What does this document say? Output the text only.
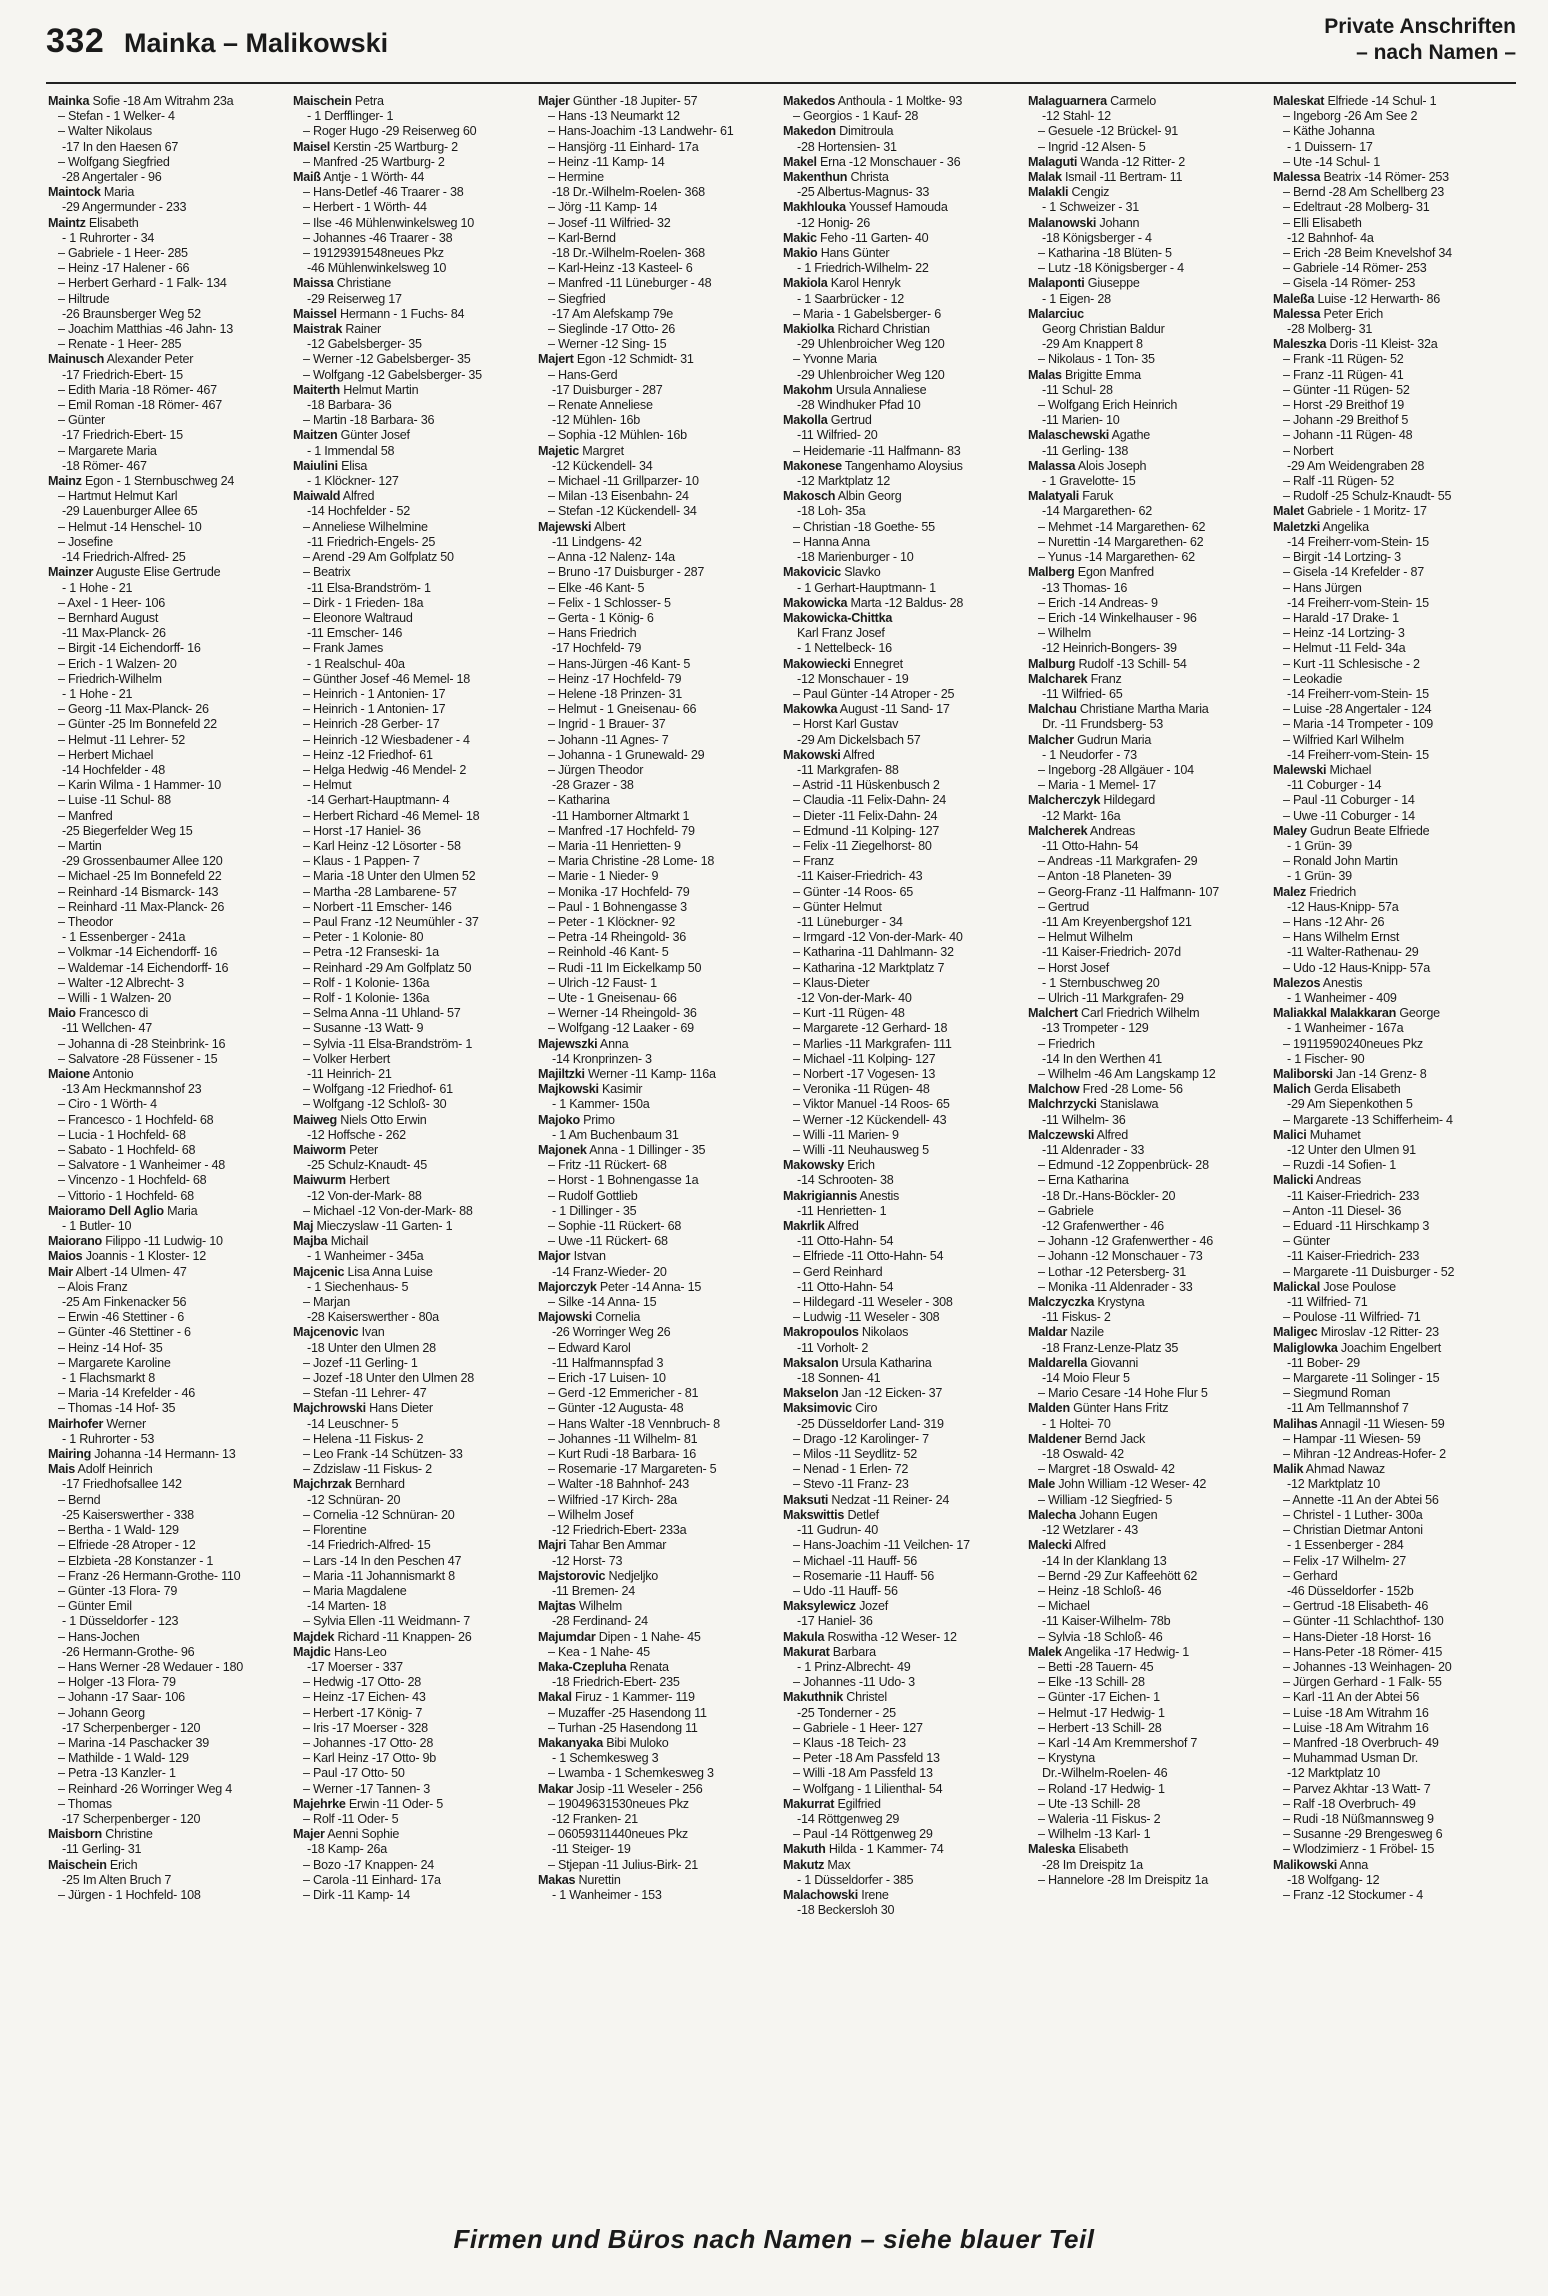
332 Mainka – Malikowski
Private Anschriften
– nach Namen –
Mainka Sofie -18 Am Witrahm 23a
– Stefan - 1 Welker- 4
– Walter Nikolaus
-17 In den Haesen 67
– Wolfgang Siegfried
-28 Angertaler - 96
Maintock Maria
-29 Angermunder - 233
Maintz Elisabeth
- 1 Ruhrorter - 34
– Gabriele - 1 Heer- 285
– Heinz -17 Halener - 66
– Herbert Gerhard - 1 Falk- 134
– Hiltrude
-26 Braunsberger Weg 52
– Joachim Matthias -46 Jahn- 13
– Renate - 1 Heer- 285
Mainusch Alexander Peter
-17 Friedrich-Ebert- 15
– Edith Maria -18 Römer- 467
– Emil Roman -18 Römer- 467
– Günter
-17 Friedrich-Ebert- 15
– Margarete Maria
-18 Römer- 467
Mainz Egon - 1 Sternbuschweg 24
– Hartmut Helmut Karl
-29 Lauenburger Allee 65
– Helmut -14 Henschel- 10
– Josefine
-14 Friedrich-Alfred- 25
Mainzer Auguste Elise Gertrude
- 1 Hohe - 21
– Axel - 1 Heer- 106
– Bernhard August
-11 Max-Planck- 26
– Birgit -14 Eichendorff- 16
– Erich - 1 Walzen- 20
– Friedrich-Wilhelm
- 1 Hohe - 21
– Georg -11 Max-Planck- 26
– Günter -25 Im Bonnefeld 22
– Helmut -11 Lehrer- 52
– Herbert Michael
-14 Hochfelder - 48
– Karin Wilma - 1 Hammer- 10
– Luise -11 Schul- 88
– Manfred
-25 Biegerfelder Weg 15
– Martin
-29 Grossenbaumer Allee 120
– Michael -25 Im Bonnefeld 22
– Reinhard -14 Bismarck- 143
– Reinhard -11 Max-Planck- 26
– Theodor
- 1 Essenberger - 241a
– Volkmar -14 Eichendorff- 16
– Waldemar -14 Eichendorff- 16
– Walter -12 Albrecht- 3
– Willi - 1 Walzen- 20
Maio Francesco di
-11 Wellchen- 47
– Johanna di -28 Steinbrink- 16
– Salvatore -28 Füssener - 15
Maione Antonio
-13 Am Heckmannshof 23
– Ciro - 1 Wörth- 4
– Francesco - 1 Hochfeld- 68
– Lucia - 1 Hochfeld- 68
– Sabato - 1 Hochfeld- 68
– Salvatore - 1 Wanheimer - 48
– Vincenzo - 1 Hochfeld- 68
– Vittorio - 1 Hochfeld- 68
Maioramo Dell Aglio Maria
- 1 Butler- 10
Maiorano Filippo -11 Ludwig- 10
Maios Joannis - 1 Kloster- 12
Mair Albert -14 Ulmen- 47
– Alois Franz
-25 Am Finkenacker 56
– Erwin -46 Stettiner - 6
– Günter -46 Stettiner - 6
– Heinz -14 Hof- 35
– Margarete Karoline
- 1 Flachsmarkt 8
– Maria -14 Krefelder - 46
– Thomas -14 Hof- 35
Mairhofer Werner
- 1 Ruhrorter - 53
Mairing Johanna -14 Hermann- 13
Mais Adolf Heinrich
-17 Friedhofsallee 142
– Bernd
-25 Kaiserswerther - 338
– Bertha - 1 Wald- 129
– Elfriede -28 Atroper - 12
– Elzbieta -28 Konstanzer - 1
– Franz -26 Hermann-Grothe- 110
– Günter -13 Flora- 79
– Günter Emil
- 1 Düsseldorfer - 123
– Hans-Jochen
-26 Hermann-Grothe- 96
– Hans Werner -28 Wedauer - 180
– Holger -13 Flora- 79
– Johann -17 Saar- 106
– Johann Georg
-17 Scherpenberger - 120
– Marina -14 Paschacker 39
– Mathilde - 1 Wald- 129
– Petra -13 Kanzler- 1
– Reinhard -26 Worringer Weg 4
– Thomas
-17 Scherpenberger - 120
Maisborn Christine
-11 Gerling- 31
Maischein Erich
-25 Im Alten Bruch 7
– Jürgen - 1 Hochfeld- 108
Maischein Petra
- 1 Derfflinger- 1
– Roger Hugo -29 Reiserweg 60
Maisel Kerstin -25 Wartburg- 2
– Manfred -25 Wartburg- 2
Maiß Antje - 1 Wörth- 44
– Hans-Detlef -46 Traarer - 38
– Herbert - 1 Wörth- 44
– Ilse -46 Mühlenwinkelsweg 10
– Johannes -46 Traarer - 38
– 19129391548neues Pkz
-46 Mühlenwinkelsweg 10
Maissa Christiane
-29 Reiserweg 17
Maissel Hermann - 1 Fuchs- 84
Maistrak Rainer
-12 Gabelsberger- 35
– Werner -12 Gabelsberger- 35
– Wolfgang -12 Gabelsberger- 35
Maiterth Helmut Martin
-18 Barbara- 36
– Martin -18 Barbara- 36
Maitzen Günter Josef
- 1 Immendal 58
Maiulini Elisa
- 1 Klöckner- 127
Maiwald Alfred
-14 Hochfelder - 52
– Anneliese Wilhelmine
-11 Friedrich-Engels- 25
– Arend -29 Am Golfplatz 50
– Beatrix
-11 Elsa-Brandström- 1
– Dirk - 1 Frieden- 18a
– Eleonore Waltraud
-11 Emscher- 146
– Frank James
- 1 Realschul- 40a
– Günther Josef -46 Memel- 18
– Heinrich - 1 Antonien- 17
– Heinrich - 1 Antonien- 17
– Heinrich -28 Gerber- 17
– Heinrich -12 Wiesbadener - 4
– Heinz -12 Friedhof- 61
– Helga Hedwig -46 Mendel- 2
– Helmut
-14 Gerhart-Hauptmann- 4
– Herbert Richard -46 Memel- 18
– Horst -17 Haniel- 36
– Karl Heinz -12 Lösorter - 58
– Klaus - 1 Pappen- 7
– Maria -18 Unter den Ulmen 52
– Martha -28 Lambarene- 57
– Norbert -11 Emscher- 146
– Paul Franz -12 Neumühler - 37
– Peter - 1 Kolonie- 80
– Petra -12 Franseski- 1a
– Reinhard -29 Am Golfplatz 50
– Rolf - 1 Kolonie- 136a
– Rolf - 1 Kolonie- 136a
– Selma Anna -11 Uhland- 57
– Susanne -13 Watt- 9
– Sylvia -11 Elsa-Brandström- 1
– Volker Herbert
-11 Heinrich- 21
– Wolfgang -12 Friedhof- 61
– Wolfgang -12 Schloß- 30
Maiweg Niels Otto Erwin
-12 Hoffsche - 262
Maiworm Peter
-25 Schulz-Knaudt- 45
Maiwurm Herbert
-12 Von-der-Mark- 88
– Michael -12 Von-der-Mark- 88
Maj Mieczyslaw -11 Garten- 1
Majba Michail
- 1 Wanheimer - 345a
Majcenic Lisa Anna Luise
- 1 Siechenhaus- 5
– Marjan
-28 Kaiserswerther - 80a
Majcenovic Ivan
-18 Unter den Ulmen 28
– Jozef -11 Gerling- 1
– Jozef -18 Unter den Ulmen 28
– Stefan -11 Lehrer- 47
Majchrowski Hans Dieter
-14 Leuschner- 5
– Helena -11 Fiskus- 2
– Leo Frank -14 Schützen- 33
– Zdzislaw -11 Fiskus- 2
Majchrzak Bernhard
-12 Schnüran- 20
– Cornelia -12 Schnüran- 20
– Florentine
-14 Friedrich-Alfred- 15
– Lars -14 In den Peschen 47
– Maria -11 Johannismarkt 8
– Maria Magdalene
-14 Marten- 18
– Sylvia Ellen -11 Weidmann- 7
Majdek Richard -11 Knappen- 26
Majdic Hans-Leo
-17 Moerser - 337
– Hedwig -17 Otto- 28
– Heinz -17 Eichen- 43
– Herbert -17 König- 7
– Iris -17 Moerser - 328
– Johannes -17 Otto- 28
– Karl Heinz -17 Otto- 9b
– Paul -17 Otto- 50
– Werner -17 Tannen- 3
Majehrke Erwin -11 Oder- 5
– Rolf -11 Oder- 5
Majer Aenni Sophie
-18 Kamp- 26a
– Bozo -17 Knappen- 24
– Carola -11 Einhard- 17a
– Dirk -11 Kamp- 14
Majer Günther -18 Jupiter- 57
– Hans -13 Neumarkt 12
– Hans-Joachim -13 Landwehr- 61
– Hansjörg -11 Einhard- 17a
– Heinz -11 Kamp- 14
– Hermine
-18 Dr.-Wilhelm-Roelen- 368
– Jörg -11 Kamp- 14
– Josef -11 Wilfried- 32
– Karl-Bernd
-18 Dr.-Wilhelm-Roelen- 368
– Karl-Heinz -13 Kasteel- 6
– Manfred -11 Lüneburger - 48
– Siegfried
-17 Am Alefskamp 79e
– Sieglinde -17 Otto- 26
– Werner -12 Sing- 15
Majert Egon -12 Schmidt- 31
– Hans-Gerd
-17 Duisburger - 287
– Renate Anneliese
-12 Mühlen- 16b
– Sophia -12 Mühlen- 16b
Majetic Margret
-12 Kückendell- 34
– Michael -11 Grillparzer- 10
– Milan -13 Eisenbahn- 24
– Stefan -12 Kückendell- 34
Majewski Albert
-11 Lindgens- 42
– Anna -12 Nalenz- 14a
– Bruno -17 Duisburger - 287
– Elke -46 Kant- 5
– Felix - 1 Schlosser- 5
– Gerta - 1 König- 6
– Hans Friedrich
-17 Hochfeld- 79
– Hans-Jürgen -46 Kant- 5
– Heinz -17 Hochfeld- 79
– Helene -18 Prinzen- 31
– Helmut - 1 Gneisenau- 66
– Ingrid - 1 Brauer- 37
– Johann -11 Agnes- 7
– Johanna - 1 Grunewald- 29
– Jürgen Theodor
-28 Grazer - 38
– Katharina
-11 Hamborner Altmarkt 1
– Manfred -17 Hochfeld- 79
– Maria -11 Henrietten- 9
– Maria Christine -28 Lome- 18
– Marie - 1 Nieder- 9
– Monika -17 Hochfeld- 79
– Paul - 1 Bohnengasse 3
– Peter - 1 Klöckner- 92
– Petra -14 Rheingold- 36
– Reinhold -46 Kant- 5
– Rudi -11 Im Eickelkamp 50
– Ulrich -12 Faust- 1
– Ute - 1 Gneisenau- 66
– Werner -14 Rheingold- 36
– Wolfgang -12 Laaker - 69
Majewszki Anna
-14 Kronprinzen- 3
Majiltzki Werner -11 Kamp- 116a
Majkowski Kasimir
- 1 Kammer- 150a
Majoko Primo
- 1 Am Buchenbaum 31
Majonek Anna - 1 Dillinger - 35
– Fritz -11 Rückert- 68
– Horst - 1 Bohnengasse 1a
– Rudolf Gottlieb
- 1 Dillinger - 35
– Sophie -11 Rückert- 68
– Uwe -11 Rückert- 68
Major Istvan
-14 Franz-Wieder- 20
Majorczyk Peter -14 Anna- 15
– Silke -14 Anna- 15
Majowski Cornelia
-26 Worringer Weg 26
– Edward Karol
-11 Halfmannspfad 3
– Erich -17 Luisen- 10
– Gerd -12 Emmericher - 81
– Günter -12 Augusta- 48
– Hans Walter -18 Vennbruch- 8
– Johannes -11 Wilhelm- 81
– Kurt Rudi -18 Barbara- 16
– Rosemarie -17 Margareten- 5
– Walter -18 Bahnhof- 243
– Wilfried -17 Kirch- 28a
– Wilhelm Josef
-12 Friedrich-Ebert- 233a
Majri Tahar Ben Ammar
-12 Horst- 73
Majstorovic Nedjeljko
-11 Bremen- 24
Majtas Wilhelm
-28 Ferdinand- 24
Majumdar Dipen - 1 Nahe- 45
– Kea - 1 Nahe- 45
Maka-Czepluha Renata
-18 Friedrich-Ebert- 235
Makal Firuz - 1 Kammer- 119
– Muzaffer -25 Hasendong 11
– Turhan -25 Hasendong 11
Makanyaka Bibi Muloko
- 1 Schemkesweg 3
– Lwamba - 1 Schemkesweg 3
Makar Josip -11 Weseler - 256
– 19049631530neues Pkz
-12 Franken- 21
– 06059311440neues Pkz
-11 Steiger- 19
– Stjepan -11 Julius-Birk- 21
Makas Nurettin
- 1 Wanheimer - 153
Makedos Anthoula - 1 Moltke- 93
– Georgios - 1 Kauf- 28
Makedon Dimitroula
-28 Hortensien- 31
Makel Erna -12 Monschauer - 36
Makenthun Christa
-25 Albertus-Magnus- 33
Makhlouka Youssef Hamouda
-12 Honig- 26
Makic Feho -11 Garten- 40
Makio Hans Günter
- 1 Friedrich-Wilhelm- 22
Makiola Karol Henryk
- 1 Saarbrücker - 12
– Maria - 1 Gabelsberger- 6
Makiolka Richard Christian
-29 Uhlenbroicher Weg 120
– Yvonne Maria
-29 Uhlenbroicher Weg 120
Makohm Ursula Annaliese
-28 Windhuker Pfad 10
Makolla Gertrud
-11 Wilfried- 20
– Heidemarie -11 Halfmann- 83
Makonese Tangenhamo Aloysius
-12 Marktplatz 12
Makosch Albin Georg
-18 Loh- 35a
– Christian -18 Goethe- 55
– Hanna Anna
-18 Marienburger - 10
Makovicic Slavko
- 1 Gerhart-Hauptmann- 1
Makowicka Marta -12 Baldus- 28
Makowicka-Chittka
Karl Franz Josef
- 1 Nettelbeck- 16
Makowiecki Ennegret
-12 Monschauer - 19
– Paul Günter -14 Atroper - 25
Makowka August -11 Sand- 17
– Horst Karl Gustav
-29 Am Dickelsbach 57
Makowski Alfred
-11 Markgrafen- 88
– Astrid -11 Hüskenbusch 2
– Claudia -11 Felix-Dahn- 24
– Dieter -11 Felix-Dahn- 24
– Edmund -11 Kolping- 127
– Felix -11 Ziegelhorst- 80
– Franz
-11 Kaiser-Friedrich- 43
– Günter -14 Roos- 65
– Günter Helmut
-11 Lüneburger - 34
– Irmgard -12 Von-der-Mark- 40
– Katharina -11 Dahlmann- 32
– Katharina -12 Marktplatz 7
– Klaus-Dieter
-12 Von-der-Mark- 40
– Kurt -11 Rügen- 48
– Margarete -12 Gerhard- 18
– Marlies -11 Markgrafen- 111
– Michael -11 Kolping- 127
– Norbert -17 Vogesen- 13
– Veronika -11 Rügen- 48
– Viktor Manuel -14 Roos- 65
– Werner -12 Kückendell- 43
– Willi -11 Marien- 9
– Willi -11 Neuhausweg 5
Makowsky Erich
-14 Schrooten- 38
Makrigiannis Anestis
-11 Henrietten- 1
Makrlik Alfred
-11 Otto-Hahn- 54
– Elfriede -11 Otto-Hahn- 54
– Gerd Reinhard
-11 Otto-Hahn- 54
– Hildegard -11 Weseler - 308
– Ludwig -11 Weseler - 308
Makropoulos Nikolaos
-11 Vorholt- 2
Maksalon Ursula Katharina
-18 Sonnen- 41
Makselon Jan -12 Eicken- 37
Maksimovic Ciro
-25 Düsseldorfer Land- 319
– Drago -12 Karolinger- 7
– Milos -11 Seydlitz- 52
– Nenad - 1 Erlen- 72
– Stevo -11 Franz- 23
Maksuti Nedzat -11 Reiner- 24
Makswittis Detlef
-11 Gudrun- 40
– Hans-Joachim -11 Veilchen- 17
– Michael -11 Hauff- 56
– Rosemarie -11 Hauff- 56
– Udo -11 Hauff- 56
Maksylewicz Jozef
-17 Haniel- 36
Makula Roswitha -12 Weser- 12
Makurat Barbara
- 1 Prinz-Albrecht- 49
– Johannes -11 Udo- 3
Makuthnik Christel
-25 Tonderner - 25
– Gabriele - 1 Heer- 127
– Klaus -18 Teich- 23
– Peter -18 Am Passfeld 13
– Willi -18 Am Passfeld 13
– Wolfgang - 1 Lilienthal- 54
Makurrat Egilfried
-14 Röttgenweg 29
– Paul -14 Röttgenweg 29
Makuth Hilda - 1 Kammer- 74
Makutz Max
- 1 Düsseldorfer - 385
Malachowski Irene
-18 Beckersloh 30
Malaguarnera Carmelo
-12 Stahl- 12
– Gesuele -12 Brückel- 91
– Ingrid -12 Alsen- 5
Malaguti Wanda -12 Ritter- 2
Malak Ismail -11 Bertram- 11
Malakli Cengiz
- 1 Schweizer - 31
Malanowski Johann
-18 Königsberger - 4
– Katharina -18 Blüten- 5
– Lutz -18 Königsberger - 4
Malaponti Giuseppe
- 1 Eigen- 28
Malarciuc
Georg Christian Baldur
-29 Am Knappert 8
– Nikolaus - 1 Ton- 35
Malas Brigitte Emma
-11 Schul- 28
– Wolfgang Erich Heinrich
-11 Marien- 10
Malaschewski Agathe
-11 Gerling- 138
Malassa Alois Joseph
- 1 Gravelotte- 15
Malatyali Faruk
-14 Margarethen- 62
– Mehmet -14 Margarethen- 62
– Nurettin -14 Margarethen- 62
– Yunus -14 Margarethen- 62
Malberg Egon Manfred
-13 Thomas- 16
– Erich -14 Andreas- 9
– Erich -14 Winkelhauser - 96
– Wilhelm
-12 Heinrich-Bongers- 39
Malburg Rudolf -13 Schill- 54
Malcharek Franz
-11 Wilfried- 65
Malchau Christiane Martha Maria
Dr. -11 Frundsberg- 53
Malcher Gudrun Maria
- 1 Neudorfer - 73
– Ingeborg -28 Allgäuer - 104
– Maria - 1 Memel- 17
Malcherczyk Hildegard
-12 Markt- 16a
Malcherek Andreas
-11 Otto-Hahn- 54
– Andreas -11 Markgrafen- 29
– Anton -18 Planeten- 39
– Georg-Franz -11 Halfmann- 107
– Gertrud
-11 Am Kreyenbergshof 121
– Helmut Wilhelm
-11 Kaiser-Friedrich- 207d
– Horst Josef
- 1 Sternbuschweg 20
– Ulrich -11 Markgrafen- 29
Malchert Carl Friedrich Wilhelm
-13 Trompeter - 129
– Friedrich
-14 In den Werthen 41
– Wilhelm -46 Am Langskamp 12
Malchow Fred -28 Lome- 56
Malchrzycki Stanislawa
-11 Wilhelm- 36
Malczewski Alfred
-11 Aldenrader - 33
– Edmund -12 Zoppenbrück- 28
– Erna Katharina
-18 Dr.-Hans-Böckler- 20
– Gabriele
-12 Grafenwerther - 46
– Johann -12 Grafenwerther - 46
– Johann -12 Monschauer - 73
– Lothar -12 Petersberg- 31
– Monika -11 Aldenrader - 33
Malczyczka Krystyna
-11 Fiskus- 2
Maldar Nazile
-18 Franz-Lenze-Platz 35
Maldarella Giovanni
-14 Moio Fleur 5
– Mario Cesare -14 Hohe Flur 5
Malden Günter Hans Fritz
- 1 Holtei- 70
Maldener Bernd Jack
-18 Oswald- 42
– Margret -18 Oswald- 42
Male John William -12 Weser- 42
– William -12 Siegfried- 5
Malecha Johann Eugen
-12 Wetzlarer - 43
Malecki Alfred
-14 In der Klanklang 13
– Bernd -29 Zur Kaffeehött 62
– Heinz -18 Schloß- 46
– Michael
-11 Kaiser-Wilhelm- 78b
– Sylvia -18 Schloß- 46
Malek Angelika -17 Hedwig- 1
– Betti -28 Tauern- 45
– Elke -13 Schill- 28
– Günter -17 Eichen- 1
– Helmut -17 Hedwig- 1
– Herbert -13 Schill- 28
– Karl -14 Am Kremmershof 7
– Krystyna
Dr.-Wilhelm-Roelen- 46
– Roland -17 Hedwig- 1
– Ute -13 Schill- 28
– Waleria -11 Fiskus- 2
– Wilhelm -13 Karl- 1
Maleska Elisabeth
-28 Im Dreispitz 1a
– Hannelore -28 Im Dreispitz 1a
Maleskat Elfriede -14 Schul- 1
– Ingeborg -26 Am See 2
– Käthe Johanna
- 1 Duissern- 17
– Ute -14 Schul- 1
Malessa Beatrix -14 Römer- 253
– Bernd -28 Am Schellberg 23
– Edeltraut -28 Molberg- 31
– Elli Elisabeth
-12 Bahnhof- 4a
– Erich -28 Beim Knevelshof 34
– Gabriele -14 Römer- 253
– Gisela -14 Römer- 253
Maleßa Luise -12 Herwarth- 86
Malessa Peter Erich
-28 Molberg- 31
Maleszka Doris -11 Kleist- 32a
– Frank -11 Rügen- 52
– Franz -11 Rügen- 41
– Günter -11 Rügen- 52
– Horst -29 Breithof 19
– Johann -29 Breithof 5
– Johann -11 Rügen- 48
– Norbert
-29 Am Weidengraben 28
– Ralf -11 Rügen- 52
– Rudolf -25 Schulz-Knaudt- 55
Malet Gabriele - 1 Moritz- 17
Maletzki Angelika
-14 Freiherr-vom-Stein- 15
– Birgit -14 Lortzing- 3
– Gisela -14 Krefelder - 87
– Hans Jürgen
-14 Freiherr-vom-Stein- 15
– Harald -17 Drake- 1
– Heinz -14 Lortzing- 3
– Helmut -11 Feld- 34a
– Kurt -11 Schlesische - 2
– Leokadie
-14 Freiherr-vom-Stein- 15
– Luise -28 Angertaler - 124
– Maria -14 Trompeter - 109
– Wilfried Karl Wilhelm
-14 Freiherr-vom-Stein- 15
Malewski Michael
-11 Coburger - 14
– Paul -11 Coburger - 14
– Uwe -11 Coburger - 14
Maley Gudrun Beate Elfriede
- 1 Grün- 39
– Ronald John Martin
- 1 Grün- 39
Malez Friedrich
-12 Haus-Knipp- 57a
– Hans -12 Ahr- 26
– Hans Wilhelm Ernst
-11 Walter-Rathenau- 29
– Udo -12 Haus-Knipp- 57a
Malezos Anestis
- 1 Wanheimer - 409
Maliakkal Malakkaran George
- 1 Wanheimer - 167a
– 19119590240neues Pkz
- 1 Fischer- 90
Maliborski Jan -14 Grenz- 8
Malich Gerda Elisabeth
-29 Am Siepenkothen 5
– Margarete -13 Schifferheim- 4
Malici Muhamet
-12 Unter den Ulmen 91
– Ruzdi -14 Sofien- 1
Malicki Andreas
-11 Kaiser-Friedrich- 233
– Anton -11 Diesel- 36
– Eduard -11 Hirschkamp 3
– Günter
-11 Kaiser-Friedrich- 233
– Margarete -11 Duisburger - 52
Malickal Jose Poulose
-11 Wilfried- 71
– Poulose -11 Wilfried- 71
Maligec Miroslav -12 Ritter- 23
Maliglowka Joachim Engelbert
-11 Bober- 29
– Margarete -11 Solinger - 15
– Siegmund Roman
-11 Am Tellmannshof 7
Malihas Annagil -11 Wiesen- 59
– Hampar -11 Wiesen- 59
– Mihran -12 Andreas-Hofer- 2
Malik Ahmad Nawaz
-12 Marktplatz 10
– Annette -11 An der Abtei 56
– Christel - 1 Luther- 300a
– Christian Dietmar Antoni
- 1 Essenberger - 284
– Felix -17 Wilhelm- 27
– Gerhard
-46 Düsseldorfer - 152b
– Gertrud -18 Elisabeth- 46
– Günter -11 Schlachthof- 130
– Hans-Dieter -18 Horst- 16
– Hans-Peter -18 Römer- 415
– Johannes -13 Weinhagen- 20
– Jürgen Gerhard - 1 Falk- 55
– Karl -11 An der Abtei 56
– Luise -18 Am Witrahm 16
– Luise -18 Am Witrahm 16
– Manfred -18 Overbruch- 49
– Muhammad Usman Dr.
-12 Marktplatz 10
– Parvez Akhtar -13 Watt- 7
– Ralf -18 Overbruch- 49
– Rudi -18 Nüßmannsweg 9
– Susanne -29 Brengesweg 6
– Wlodzimierz - 1 Fröbel- 15
Malikowski Anna
-18 Wolfgang- 12
– Franz -12 Stockumer - 4
Firmen und Büros nach Namen – siehe blauer Teil
